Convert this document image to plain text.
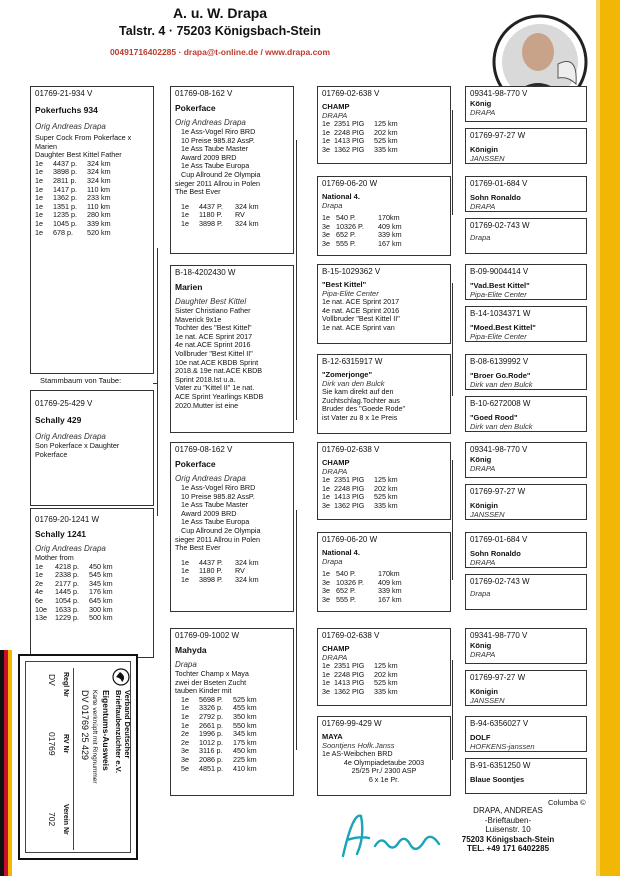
A. u. W. Drapa
Talstr. 4 · 75203 Königsbach-Stein
00491716402285 · drapa@t-online.de / www.drapa.com
01769-21-934 V
Pokerfuchs 934
Orig Andreas Drapa
Super Cock From Pokerface x
Marien
Daughter Best Kittel Father
1e	4437 p.	324 km
1e	3898 p.	324 km
1e	2811 p.	324 km
1e	1417 p.	110 km
1e	1362 p.	233 km
1e	1351 p.	110 km
1e	1235 p.	280 km
1e	1045 p.	339 km
1e	678 p.	520 km
Stammbaum von Taube:
01769-25-429 V
Schally 429
Orig Andreas Drapa
Son Pokerface x Daughter
Pokerface
01769-20-1241 W
Schally 1241
Orig Andreas Drapa
Mother from
1e	4218 p.	450 km
1e	2338 p.	545 km
2e	2177 p.	345 km
4e	1445 p.	176 km
6e	1054 p.	645 km
10e	1633 p.	300 km
13e	1229 p.	500 km
01769-08-162 V
Pokerface
Orig Andreas Drapa
1e Ass-Vogel Riro BRD
10 Preise 985.82 AssP.
1e Ass Taube Master
Award 2009 BRD
1e Ass Taube Europa
Cup Allround 2e Olympia
sieger 2011 Allrou in Polen
The Best Ever
1e	4437 P.	324 km
1e	1180 P.	RV
1e	3898 P.	324 km
B-18-4202430 W
Marien
Daughter Best Kittel
Sister Christiano Father
Maverick 9x1e
Tochter des "Best Kittel"
1e nat. ACE Sprint 2017
4e nat.ACE Sprint 2016
Vollbruder "Best Kittel II"
10e nat.ACE KBDB Sprint
2018.& 19e nat.ACE KBDB
Sprint 2018.Ist u.a.
Vater zu "Kittel II" 1e nat.
ACE Sprint Yearlings KBDB
2020.Mutter ist eine
01769-08-162 V
Pokerface
Orig Andreas Drapa
1e Ass-Vogel Riro BRD
10 Preise 985.82 AssP.
1e Ass Taube Master
Award 2009 BRD
1e Ass Taube Europa
Cup Allround 2e Olympia
sieger 2011 Allrou in Polen
The Best Ever
1e	4437 P.	324 km
1e	1180 P.	RV
1e	3898 P.	324 km
01769-09-1002 W
Mahyda
Drapa
Tochter Champ x Maya
zwei der Bseten Zucht
tauben Kinder mit
1e	5698 P.	525 km
1e	3326 p.	455 km
1e	2792 p.	350 km
1e	2661 p.	550 km
2e	1996 p.	345 km
2e	1012 p.	175 km
3e	3116 p.	450 km
3e	2086 p.	225 km
5e	4851 p.	410 km
01769-02-638 V
CHAMP
DRAPA
1e 2351 PIG	125 km
1e 2248 PIG	202 km
1e 1413 PIG	525 km
3e 1362 PIG	335 km
01769-06-20 W
National 4.
Drapa
1e 540 P.	170km
3e 10326 P.	409 km
3e 652 P.	339 km
3e 555 P.	167 km
B-15-1029362 V
"Best Kittel"
Pipa-Elite Center
1e nat. ACE Sprint 2017
4e nat. ACE Sprint 2016
Vollbruder "Best Kittel II"
1e nat. ACE Sprint van
B-12-6315917 W
"Zomerjonge"
Dirk van den Bulck
Sie kam direkt auf den
Zuchtschlag.Tochter aus
Bruder des "Goede Rode"
ist Vater zu 8 x 1e Preis
01769-02-638 V
CHAMP
DRAPA
1e 2351 PIG	125 km
1e 2248 PIG	202 km
1e 1413 PIG	525 km
3e 1362 PIG	335 km
01769-06-20 W
National 4.
Drapa
1e 540 P.	170km
3e 10326 P.	409 km
3e 652 P.	339 km
3e 555 P.	167 km
01769-02-638 V
CHAMP
DRAPA
1e 2351 PIG	125 km
1e 2248 PIG	202 km
1e 1413 PIG	525 km
3e 1362 PIG	335 km
01769-99-429 W
MAYA
Soontjens Hofk.Janss
1e AS-Weibchen BRD
4e Olympiadetaube 2003
25/25 Pr./ 2300 ASP
6 x 1e Pr.
09341-98-770 V
König
DRAPA
01769-97-27 W
Königin
JANSSEN
01769-01-684 V
Sohn Ronaldo
DRAPA
01769-02-743 W
Drapa
B-09-9004414 V
"Vad.Best Kittel"
Pipa-Elite Center
B-14-1034371 W
"Moed.Best Kittel"
Pipa-Elite Center
B-08-6139992 V
"Broer Go.Rode"
Dirk van den Bulck
B-10-6272008 W
"Goed Rood"
Dirk van den Bulck
09341-98-770 V
König
DRAPA
01769-97-27 W
Königin
JANSSEN
01769-01-684 V
Sohn Ronaldo
DRAPA
01769-02-743 W
Drapa
09341-98-770 V
König
DRAPA
01769-97-27 W
Königin
JANSSEN
B-94-6356027 V
DOLF
HOFKENS-janssen
B-91-6351250 W
Blaue Soontjes
Columba ©
DRAPA, ANDREAS
-Brieftauben-
Luisenstr. 10
75203 Königsbach-Stein
TEL. +49 171 6402285
Verband Deutscher
Brieftaubenzüchter e.V.
Eigentums-Ausweis
Karte verknüpft mit Ringnummer
DV 01769 25 429
Regl Nr
RV Nr
Verein Nr
DV
01769
702
